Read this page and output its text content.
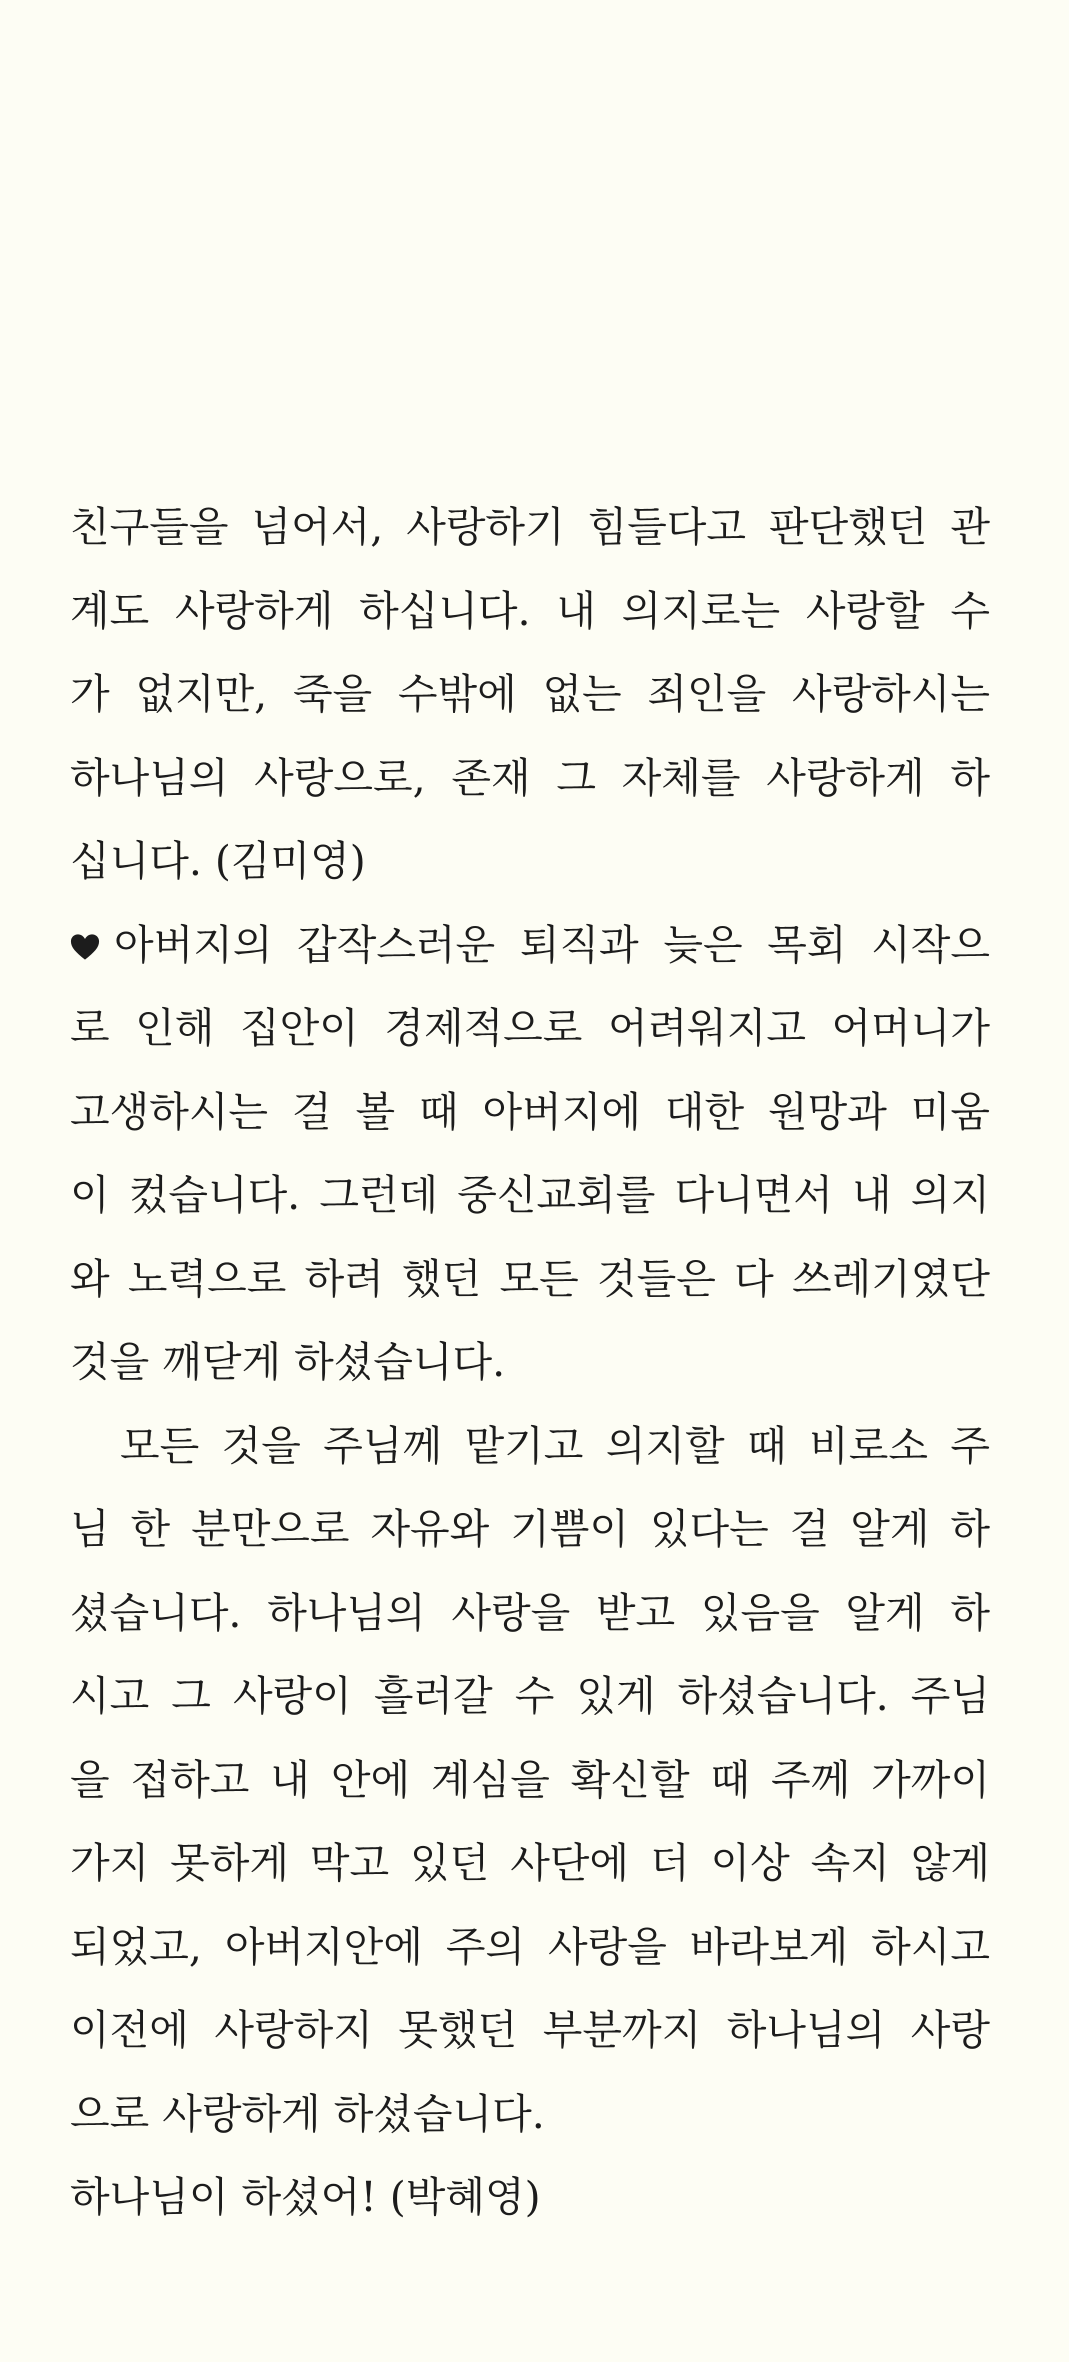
친구들을 넘어서, 사랑하기 힘들다고 판단했던 관
계도 사랑하게 하십니다. 내 의지로는 사랑할 수
가 없지만, 죽을 수밖에 없는 죄인을 사랑하시는
하나님의 사랑으로, 존재 그 자체를 사랑하게 하
십니다. (김미영)
아버지의 갑작스러운 퇴직과 늦은 목회 시작으
로 인해 집안이 경제적으로 어려워지고 어머니가
고생하시는 걸 볼 때 아버지에 대한 원망과 미움
이 컸습니다. 그런데 중신교회를 다니면서 내 의지
와 노력으로 하려 했던 모든 것들은 다 쓰레기였단
것을 깨닫게 하셨습니다.
모든 것을 주님께 맡기고 의지할 때 비로소 주
님 한 분만으로 자유와 기쁨이 있다는 걸 알게 하
셨습니다. 하나님의 사랑을 받고 있음을 알게 하
시고 그 사랑이 흘러갈 수 있게 하셨습니다. 주님
을 접하고 내 안에 계심을 확신할 때 주께 가까이
가지 못하게 막고 있던 사단에 더 이상 속지 않게
되었고, 아버지안에 주의 사랑을 바라보게 하시고
이전에 사랑하지 못했던 부분까지 하나님의 사랑
으로 사랑하게 하셨습니다.
하나님이 하셨어! (박혜영)
